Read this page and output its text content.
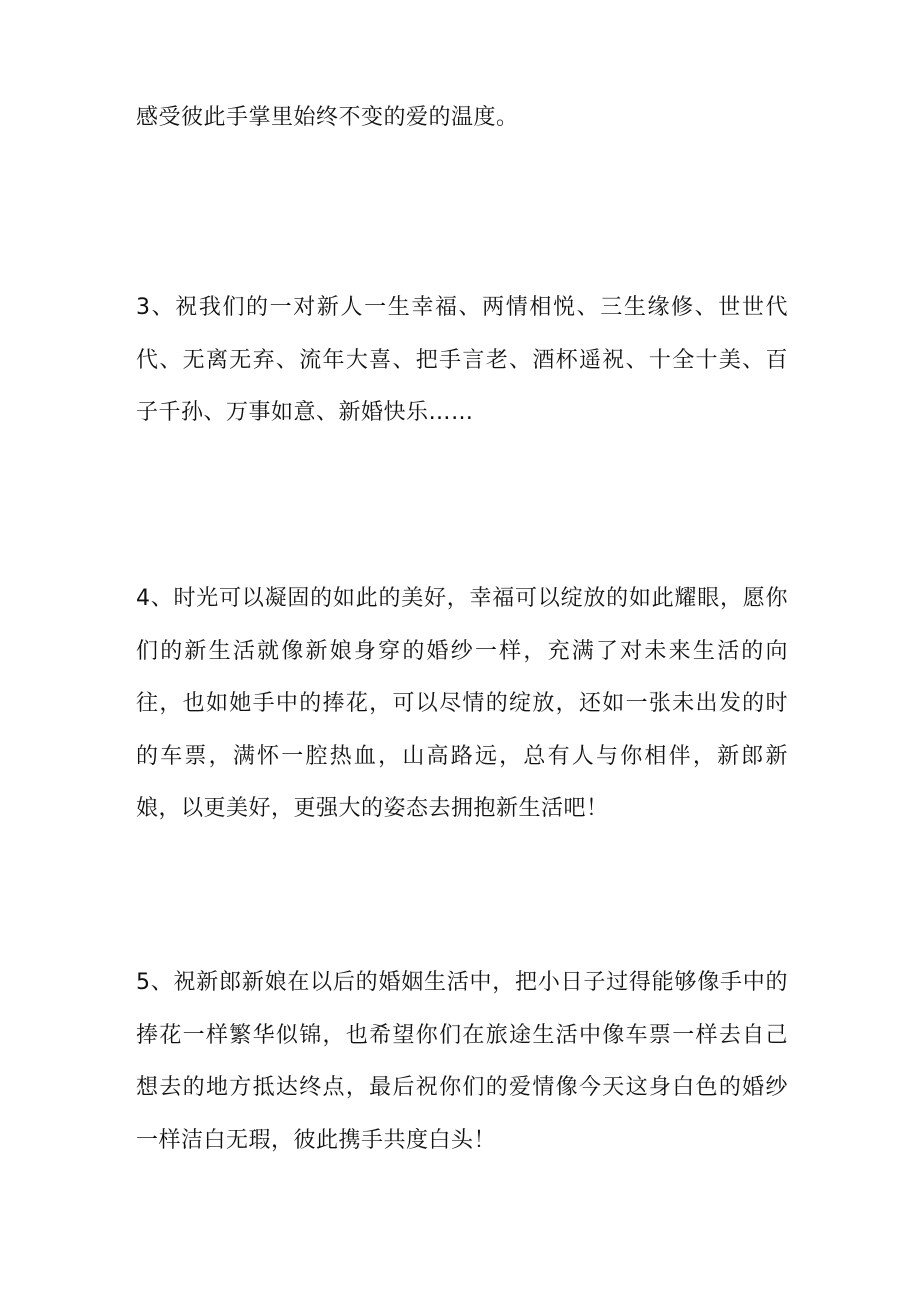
感受彼此手掌里始终不变的爱的温度。

3、祝我们的一对新人一生幸福、两情相悦、三生缘修、世世代代、无离无弃、流年大喜、把手言老、酒杯遥祝、十全十美、百子千孙、万事如意、新婚快乐……

4、时光可以凝固的如此的美好，幸福可以绽放的如此耀眼，愿你们的新生活就像新娘身穿的婚纱一样，充满了对未来生活的向往，也如她手中的捧花，可以尽情的绽放，还如一张未出发的时的车票，满怀一腔热血，山高路远，总有人与你相伴，新郎新娘，以更美好，更强大的姿态去拥抱新生活吧！

5、祝新郎新娘在以后的婚姻生活中，把小日子过得能够像手中的捧花一样繁华似锦，也希望你们在旅途生活中像车票一样去自己想去的地方抵达终点，最后祝你们的爱情像今天这身白色的婚纱一样洁白无瑕，彼此携手共度白头！
